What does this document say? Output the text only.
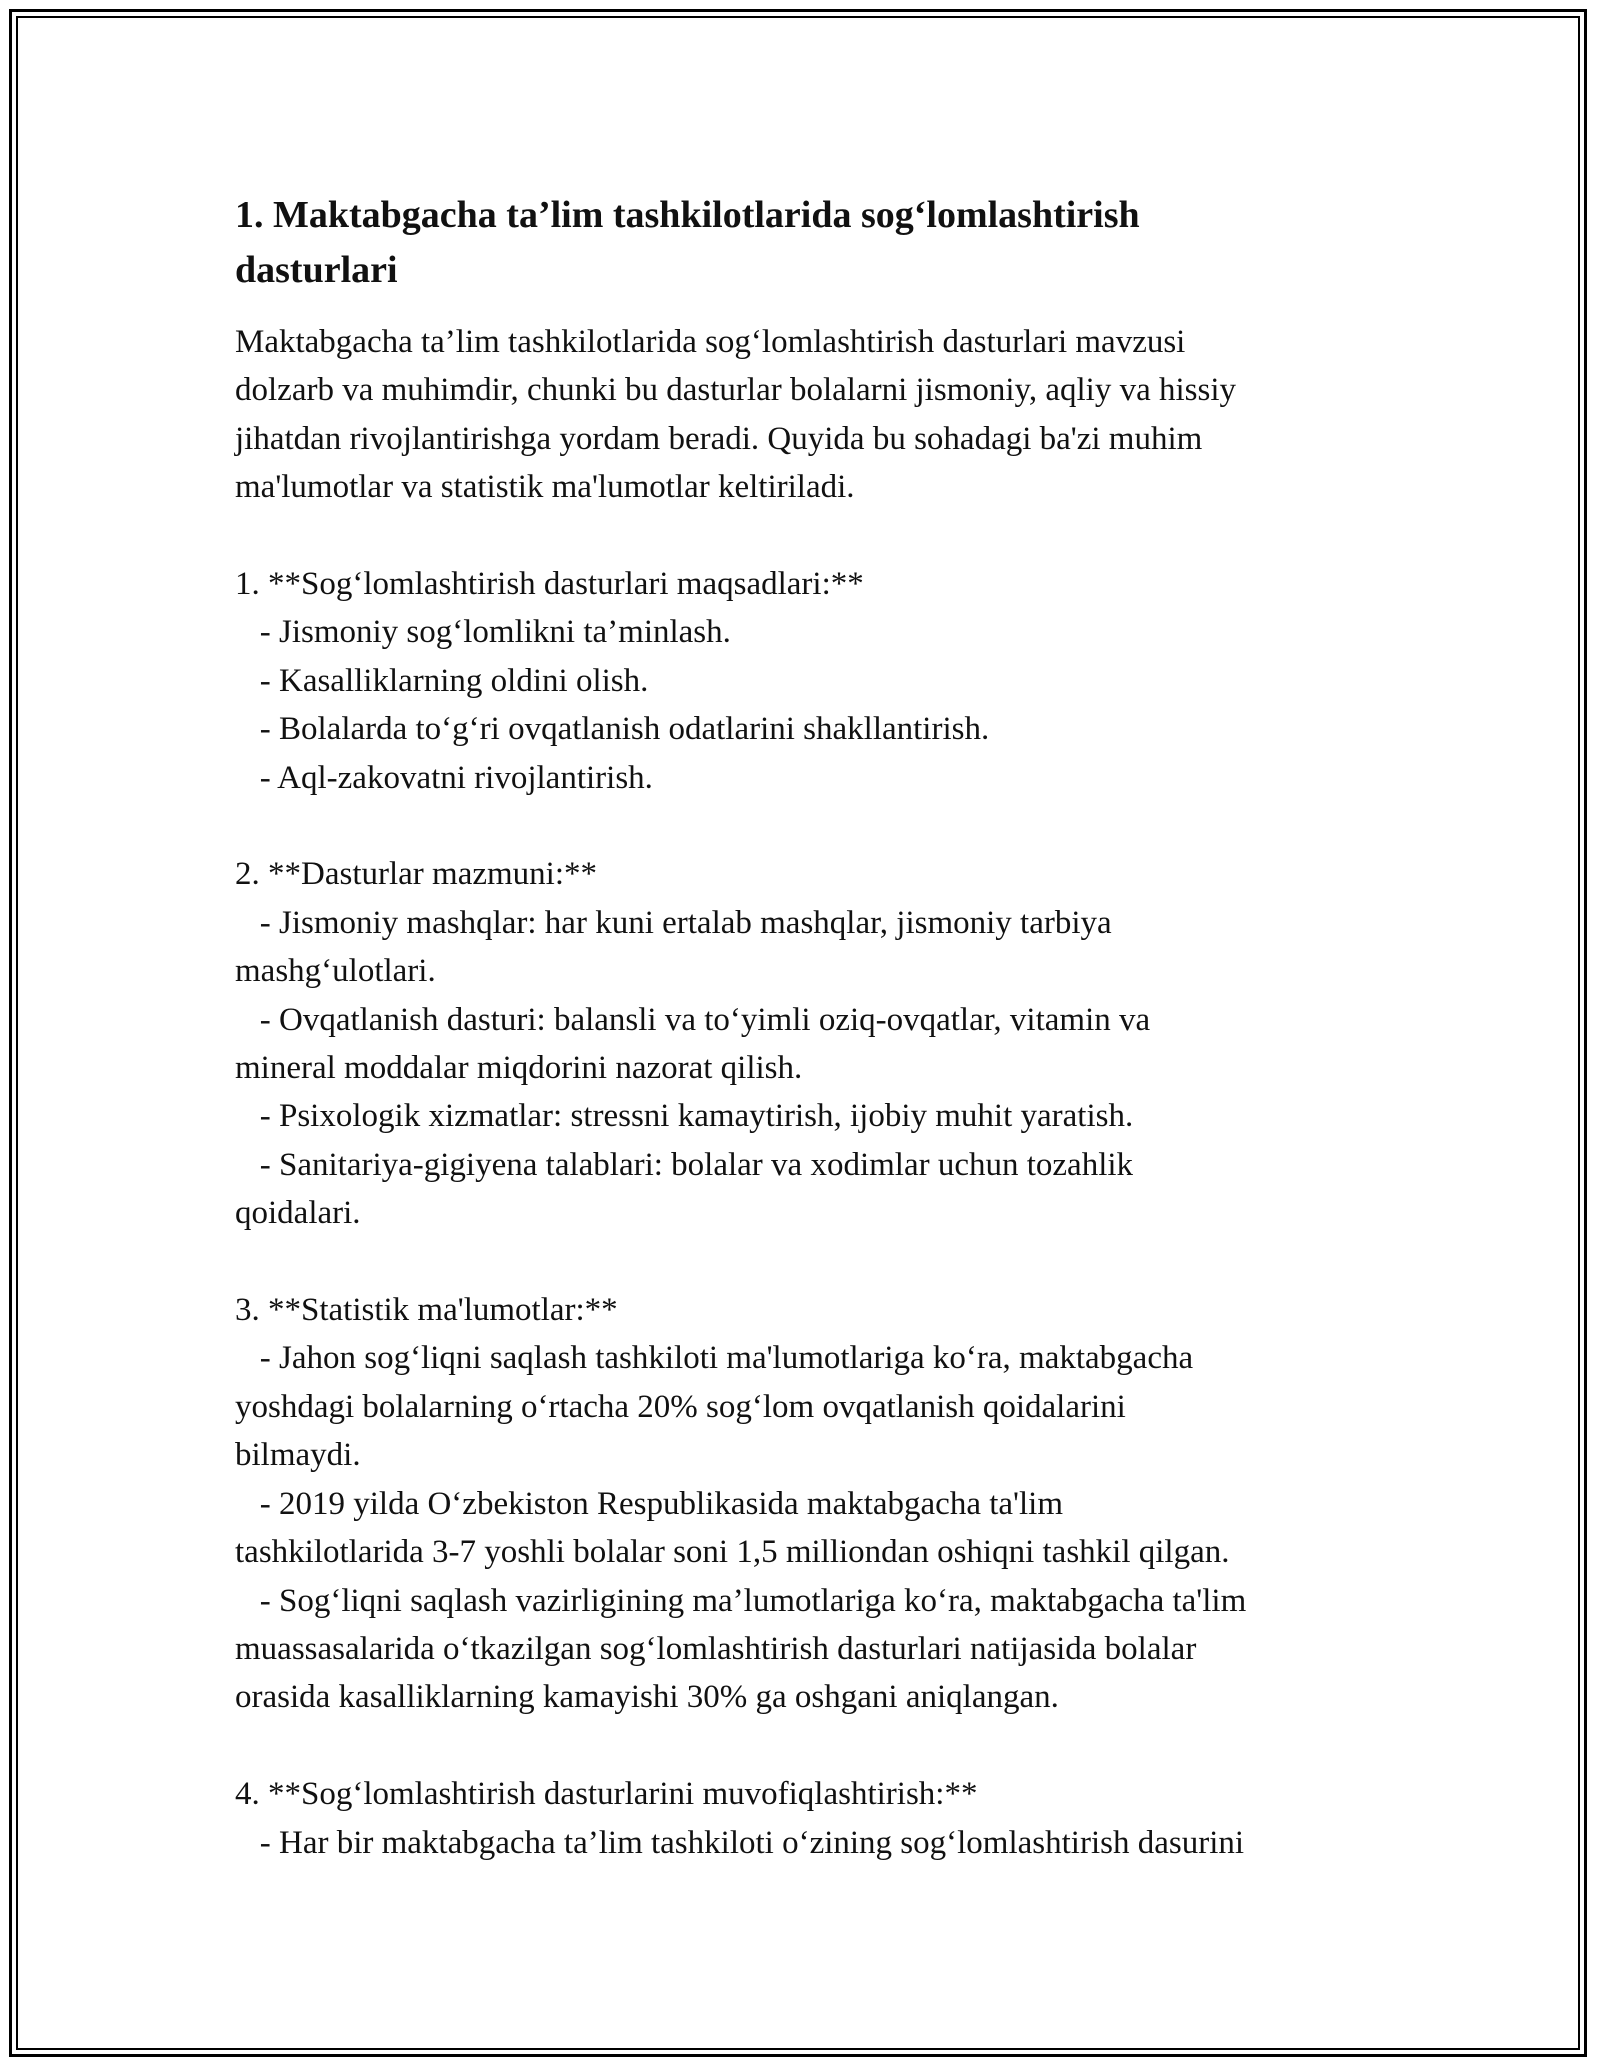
1. Maktabgacha ta’lim tashkilotlarida sog‘lomlashtirish
dasturlari
Maktabgacha ta’lim tashkilotlarida sog‘lomlashtirish dasturlari mavzusi
dolzarb va muhimdir, chunki bu dasturlar bolalarni jismoniy, aqliy va hissiy
jihatdan rivojlantirishga yordam beradi. Quyida bu sohadagi ba'zi muhim
ma'lumotlar va statistik ma'lumotlar keltiriladi.
1. **Sog‘lomlashtirish dasturlari maqsadlari:**
- Jismoniy sog‘lomlikni ta’minlash.
- Kasalliklarning oldini olish.
- Bolalarda to‘g‘ri ovqatlanish odatlarini shakllantirish.
- Aql-zakovatni rivojlantirish.
2. **Dasturlar mazmuni:**
- Jismoniy mashqlar: har kuni ertalab mashqlar, jismoniy tarbiya
mashg‘ulotlari.
- Ovqatlanish dasturi: balansli va to‘yimli oziq-ovqatlar, vitamin va
mineral moddalar miqdorini nazorat qilish.
- Psixologik xizmatlar: stressni kamaytirish, ijobiy muhit yaratish.
- Sanitariya-gigiyena talablari: bolalar va xodimlar uchun tozahlik
qoidalari.
3. **Statistik ma'lumotlar:**
- Jahon sog‘liqni saqlash tashkiloti ma'lumotlariga ko‘ra, maktabgacha
yoshdagi bolalarning o‘rtacha 20% sog‘lom ovqatlanish qoidalarini
bilmaydi.
- 2019 yilda O‘zbekiston Respublikasida maktabgacha ta'lim
tashkilotlarida 3-7 yoshli bolalar soni 1,5 milliondan oshiqni tashkil qilgan.
- Sog‘liqni saqlash vazirligining ma’lumotlariga ko‘ra, maktabgacha ta'lim
muassasalarida o‘tkazilgan sog‘lomlashtirish dasturlari natijasida bolalar
orasida kasalliklarning kamayishi 30% ga oshgani aniqlangan.
4. **Sog‘lomlashtirish dasturlarini muvofiqlashtirish:**
- Har bir maktabgacha ta’lim tashkiloti o‘zining sog‘lomlashtirish dasurini
